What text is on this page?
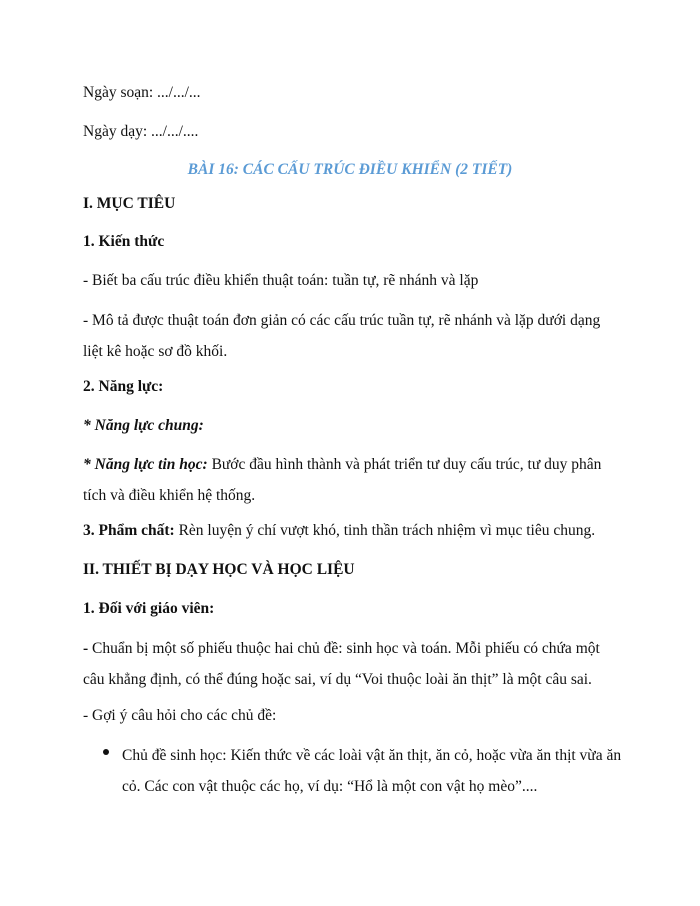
Ngày soạn: .../.../...
Ngày dạy: .../.../....
BÀI 16: CÁC CẤU TRÚC ĐIỀU KHIỂN (2 TIẾT)
I. MỤC TIÊU
1. Kiến thức
- Biết ba cấu trúc điều khiển thuật toán: tuần tự, rẽ nhánh và lặp
- Mô tả được thuật toán đơn giản có các cấu trúc tuần tự, rẽ nhánh và lặp dưới dạng liệt kê hoặc sơ đồ khối.
2. Năng lực:
* Năng lực chung:
* Năng lực tin học: Bước đầu hình thành và phát triển tư duy cấu trúc, tư duy phân tích và điều khiển hệ thống.
3. Phẩm chất: Rèn luyện ý chí vượt khó, tinh thần trách nhiệm vì mục tiêu chung.
II. THIẾT BỊ DẠY HỌC VÀ HỌC LIỆU
1. Đối với giáo viên:
- Chuẩn bị một số phiếu thuộc hai chủ đề: sinh học và toán. Mỗi phiếu có chứa một câu khẳng định, có thể đúng hoặc sai, ví dụ “Voi thuộc loài ăn thịt” là một câu sai.
- Gợi ý câu hỏi cho các chủ đề:
Chủ đề sinh học: Kiến thức về các loài vật ăn thịt, ăn cỏ, hoặc vừa ăn thịt vừa ăn cỏ. Các con vật thuộc các họ, ví dụ: “Hổ là một con vật họ mèo”....
